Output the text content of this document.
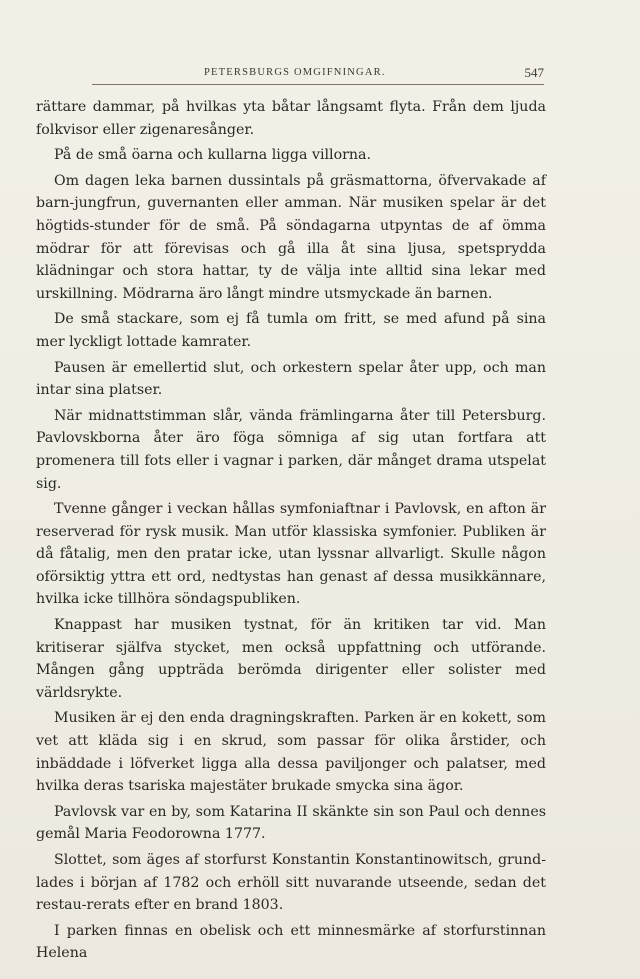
PETERSBURGS OMGIFNINGAR.	547

rättare dammar, på hvilkas yta båtar långsamt flyta. Från dem ljuda folkvisor eller zigenaresånger.

På de små öarna och kullarna ligga villorna.

Om dagen leka barnen dussintals på gräsmattorna, öfvervakade af barn-jungfrun, guvernanten eller amman. När musiken spelar är det högtids-stunder för de små. På söndagarna utpyntas de af ömma mödrar för att förevisas och gå illa åt sina ljusa, spetsprydda klädningar och stora hattar, ty de välja inte alltid sina lekar med urskillning. Mödrarna äro långt mindre utsmyckade än barnen.

De små stackare, som ej få tumla om fritt, se med afund på sina mer lyckligt lottade kamrater.

Pausen är emellertid slut, och orkestern spelar åter upp, och man intar sina platser.

När midnattstimman slår, vända främlingarna åter till Petersburg. Pavlovskborna åter äro föga sömniga af sig utan fortfara att promenera till fots eller i vagnar i parken, där månget drama utspelat sig.

Tvenne gånger i veckan hållas symfoniaftnar i Pavlovsk, en afton är reserverad för rysk musik. Man utför klassiska symfonier. Publiken är då fåtalig, men den pratar icke, utan lyssnar allvarligt. Skulle någon oförsiktig yttra ett ord, nedtystas han genast af dessa musikkännare, hvilka icke tillhöra söndagspubliken.

Knappast har musiken tystnat, för än kritiken tar vid. Man kritiserar själfva stycket, men också uppfattning och utförande. Mången gång uppträda berömda dirigenter eller solister med världsrykte.

Musiken är ej den enda dragningskraften. Parken är en kokett, som vet att kläda sig i en skrud, som passar för olika årstider, och inbäddade i löfverket ligga alla dessa paviljonger och palatser, med hvilka deras tsariska majestäter brukade smycka sina ägor.

Pavlovsk var en by, som Katarina II skänkte sin son Paul och dennes gemål Maria Feodorowna 1777.

Slottet, som äges af storfurst Konstantin Konstantinowitsch, grund-lades i början af 1782 och erhöll sitt nuvarande utseende, sedan det restau-rerats efter en brand 1803.

I parken finnas en obelisk och ett minnesmärke af storfurstinnan Helena
